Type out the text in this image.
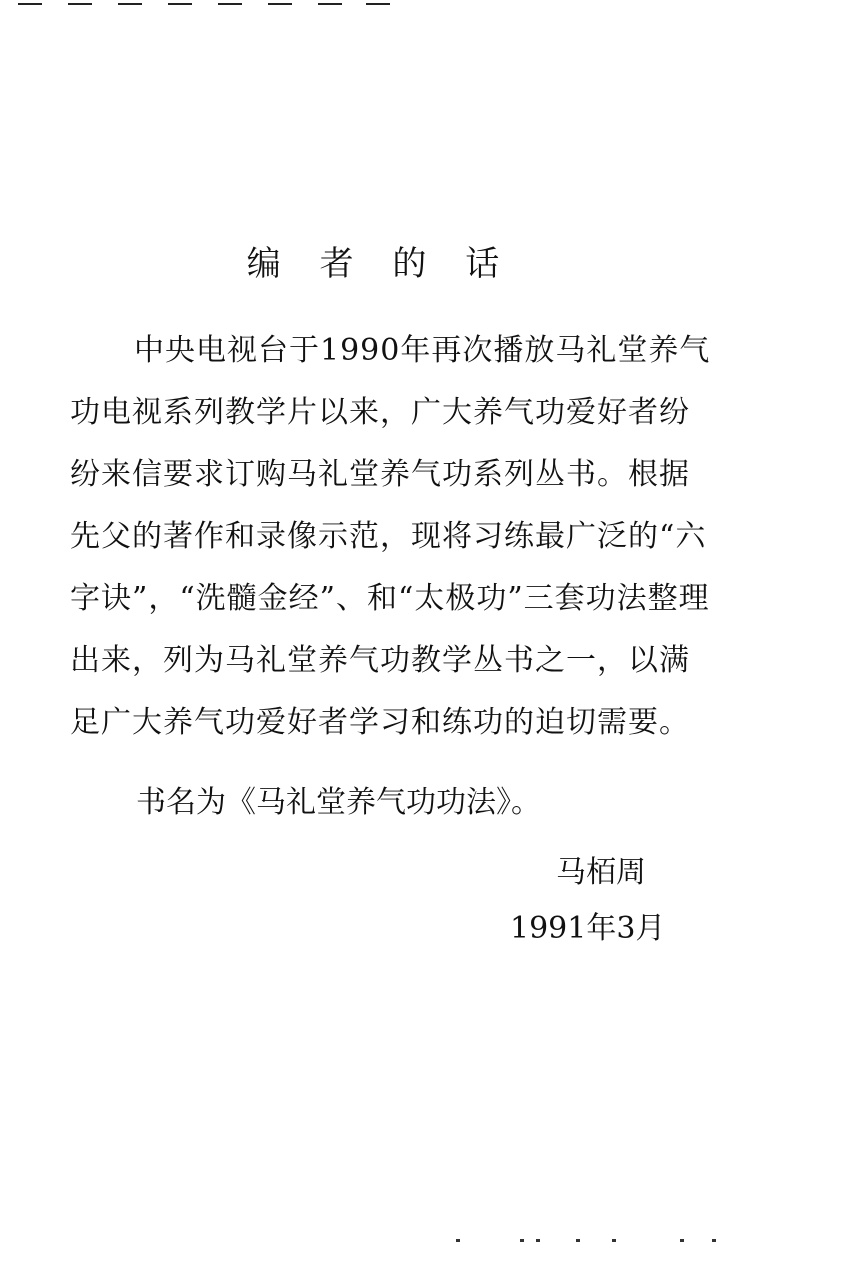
编 者 的 话

中央电视台于1990年再次播放马礼堂养气功电视系列教学片以来，广大养气功爱好者纷纷来信要求订购马礼堂养气功系列丛书。根据先父的著作和录像示范，现将习练最广泛的“六字诀”，“洗髓金经”、和“太极功”三套功法整理出来，列为马礼堂养气功教学丛书之一，以满足广大养气功爱好者学习和练功的迫切需要。

书名为《马礼堂养气功功法》。

马栢周

1991年3月
